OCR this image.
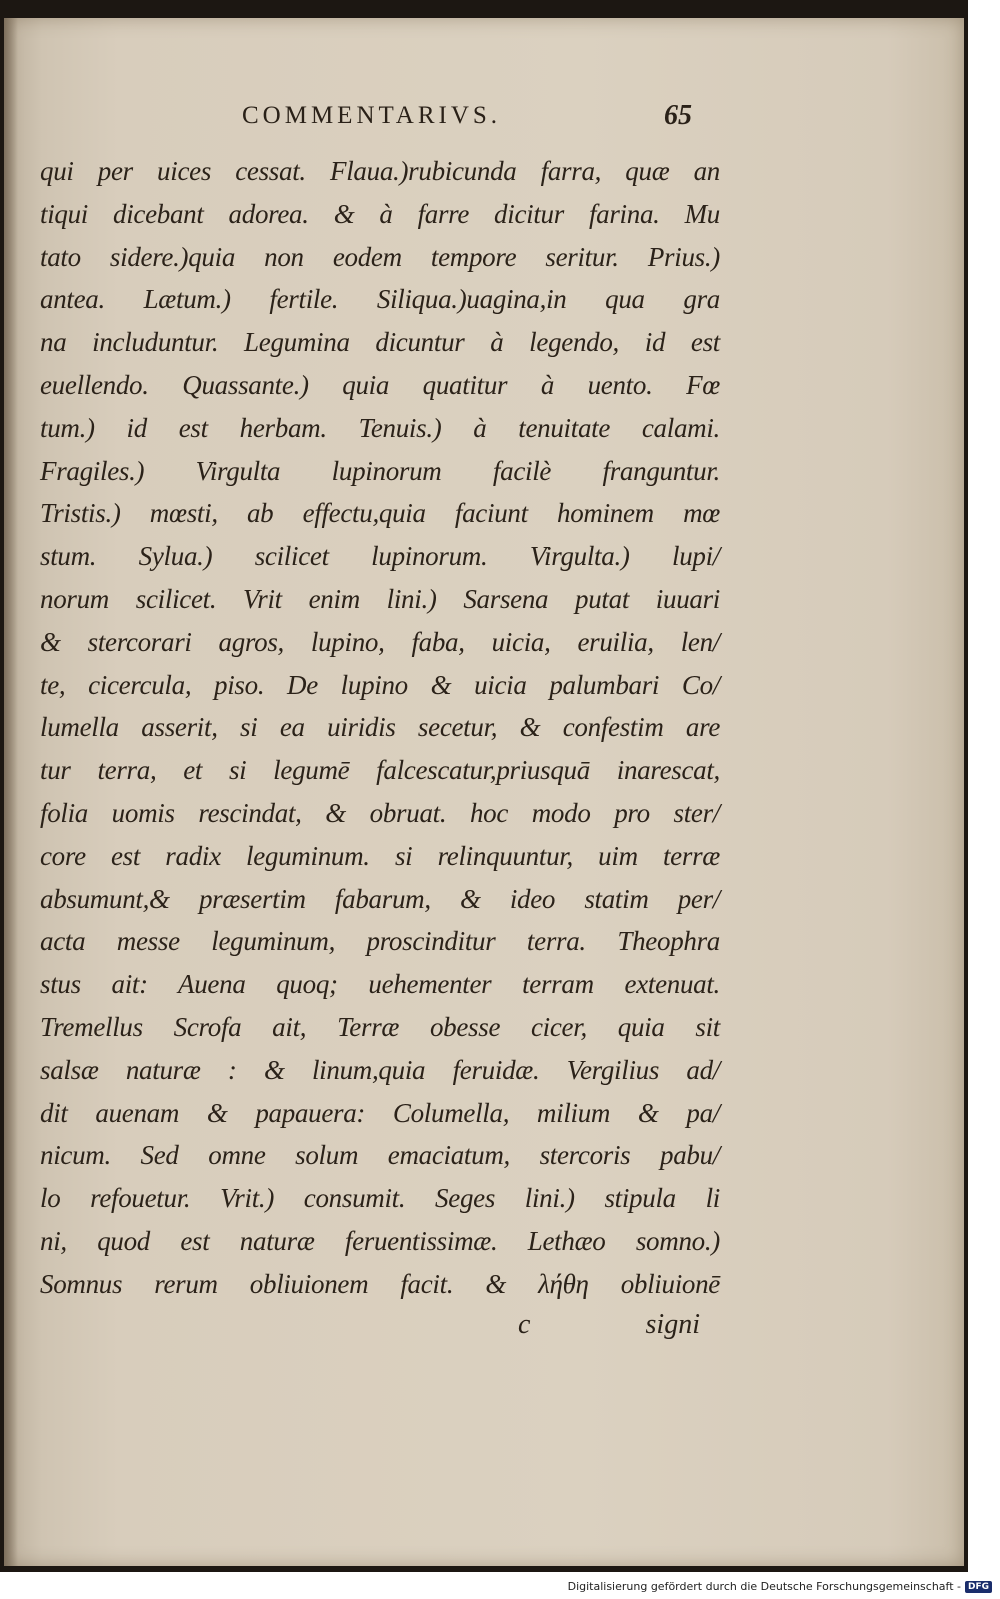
COMMENTARIVS.	65
qui per uices cessat. Flaua.)rubicunda farra, quæ an
tiqui dicebant adorea. & à farre dicitur farina. Mu
tato sidere.)quia non eodem tempore seritur. Prius.)
antea. Lætum.) fertile. Siliqua.)uagina,in qua gra
na includuntur. Legumina dicuntur à legendo, id est
euellendo. Quassante.) quia quatitur à uento. Fœ
tum.) id est herbam. Tenuis.) à tenuitate calami.
Fragiles.) Virgulta lupinorum facilè franguntur.
Tristis.) mœsti, ab effectu,quia faciunt hominem mœ
stum. Sylua.) scilicet lupinorum. Virgulta.) lupi/
norum scilicet. Vrit enim lini.) Sarsena putat iuuari
& stercorari agros, lupino, faba, uicia, eruilia, len/
te, cicercula, piso. De lupino & uicia palumbari Co/
lumella asserit, si ea uiridis secetur, & confestim are
tur terra, et si legumē falcescatur,priusquā inarescat,
folia uomis rescindat, & obruat. hoc modo pro ster/
core est radix leguminum. si relinquuntur, uim terræ
absumunt,& præsertim fabarum, & ideo statim per/
acta messe leguminum, proscinditur terra. Theophra
stus ait: Auena quoq; uehementer terram extenuat.
Tremellus Scrofa ait, Terræ obesse cicer, quia sit
salsæ naturæ : & linum,quia feruidæ. Vergilius ad/
dit auenam & papauera: Columella, milium & pa/
nicum. Sed omne solum emaciatum, stercoris pabu/
lo refouetur. Vrit.) consumit. Seges lini.) stipula li
ni, quod est naturæ feruentissimæ. Lethæo somno.)
Somnus rerum obliuionem facit. & λήθη obliuionē
c	signi
Digitalisierung gefördert durch die Deutsche Forschungsgemeinschaft - DFG
